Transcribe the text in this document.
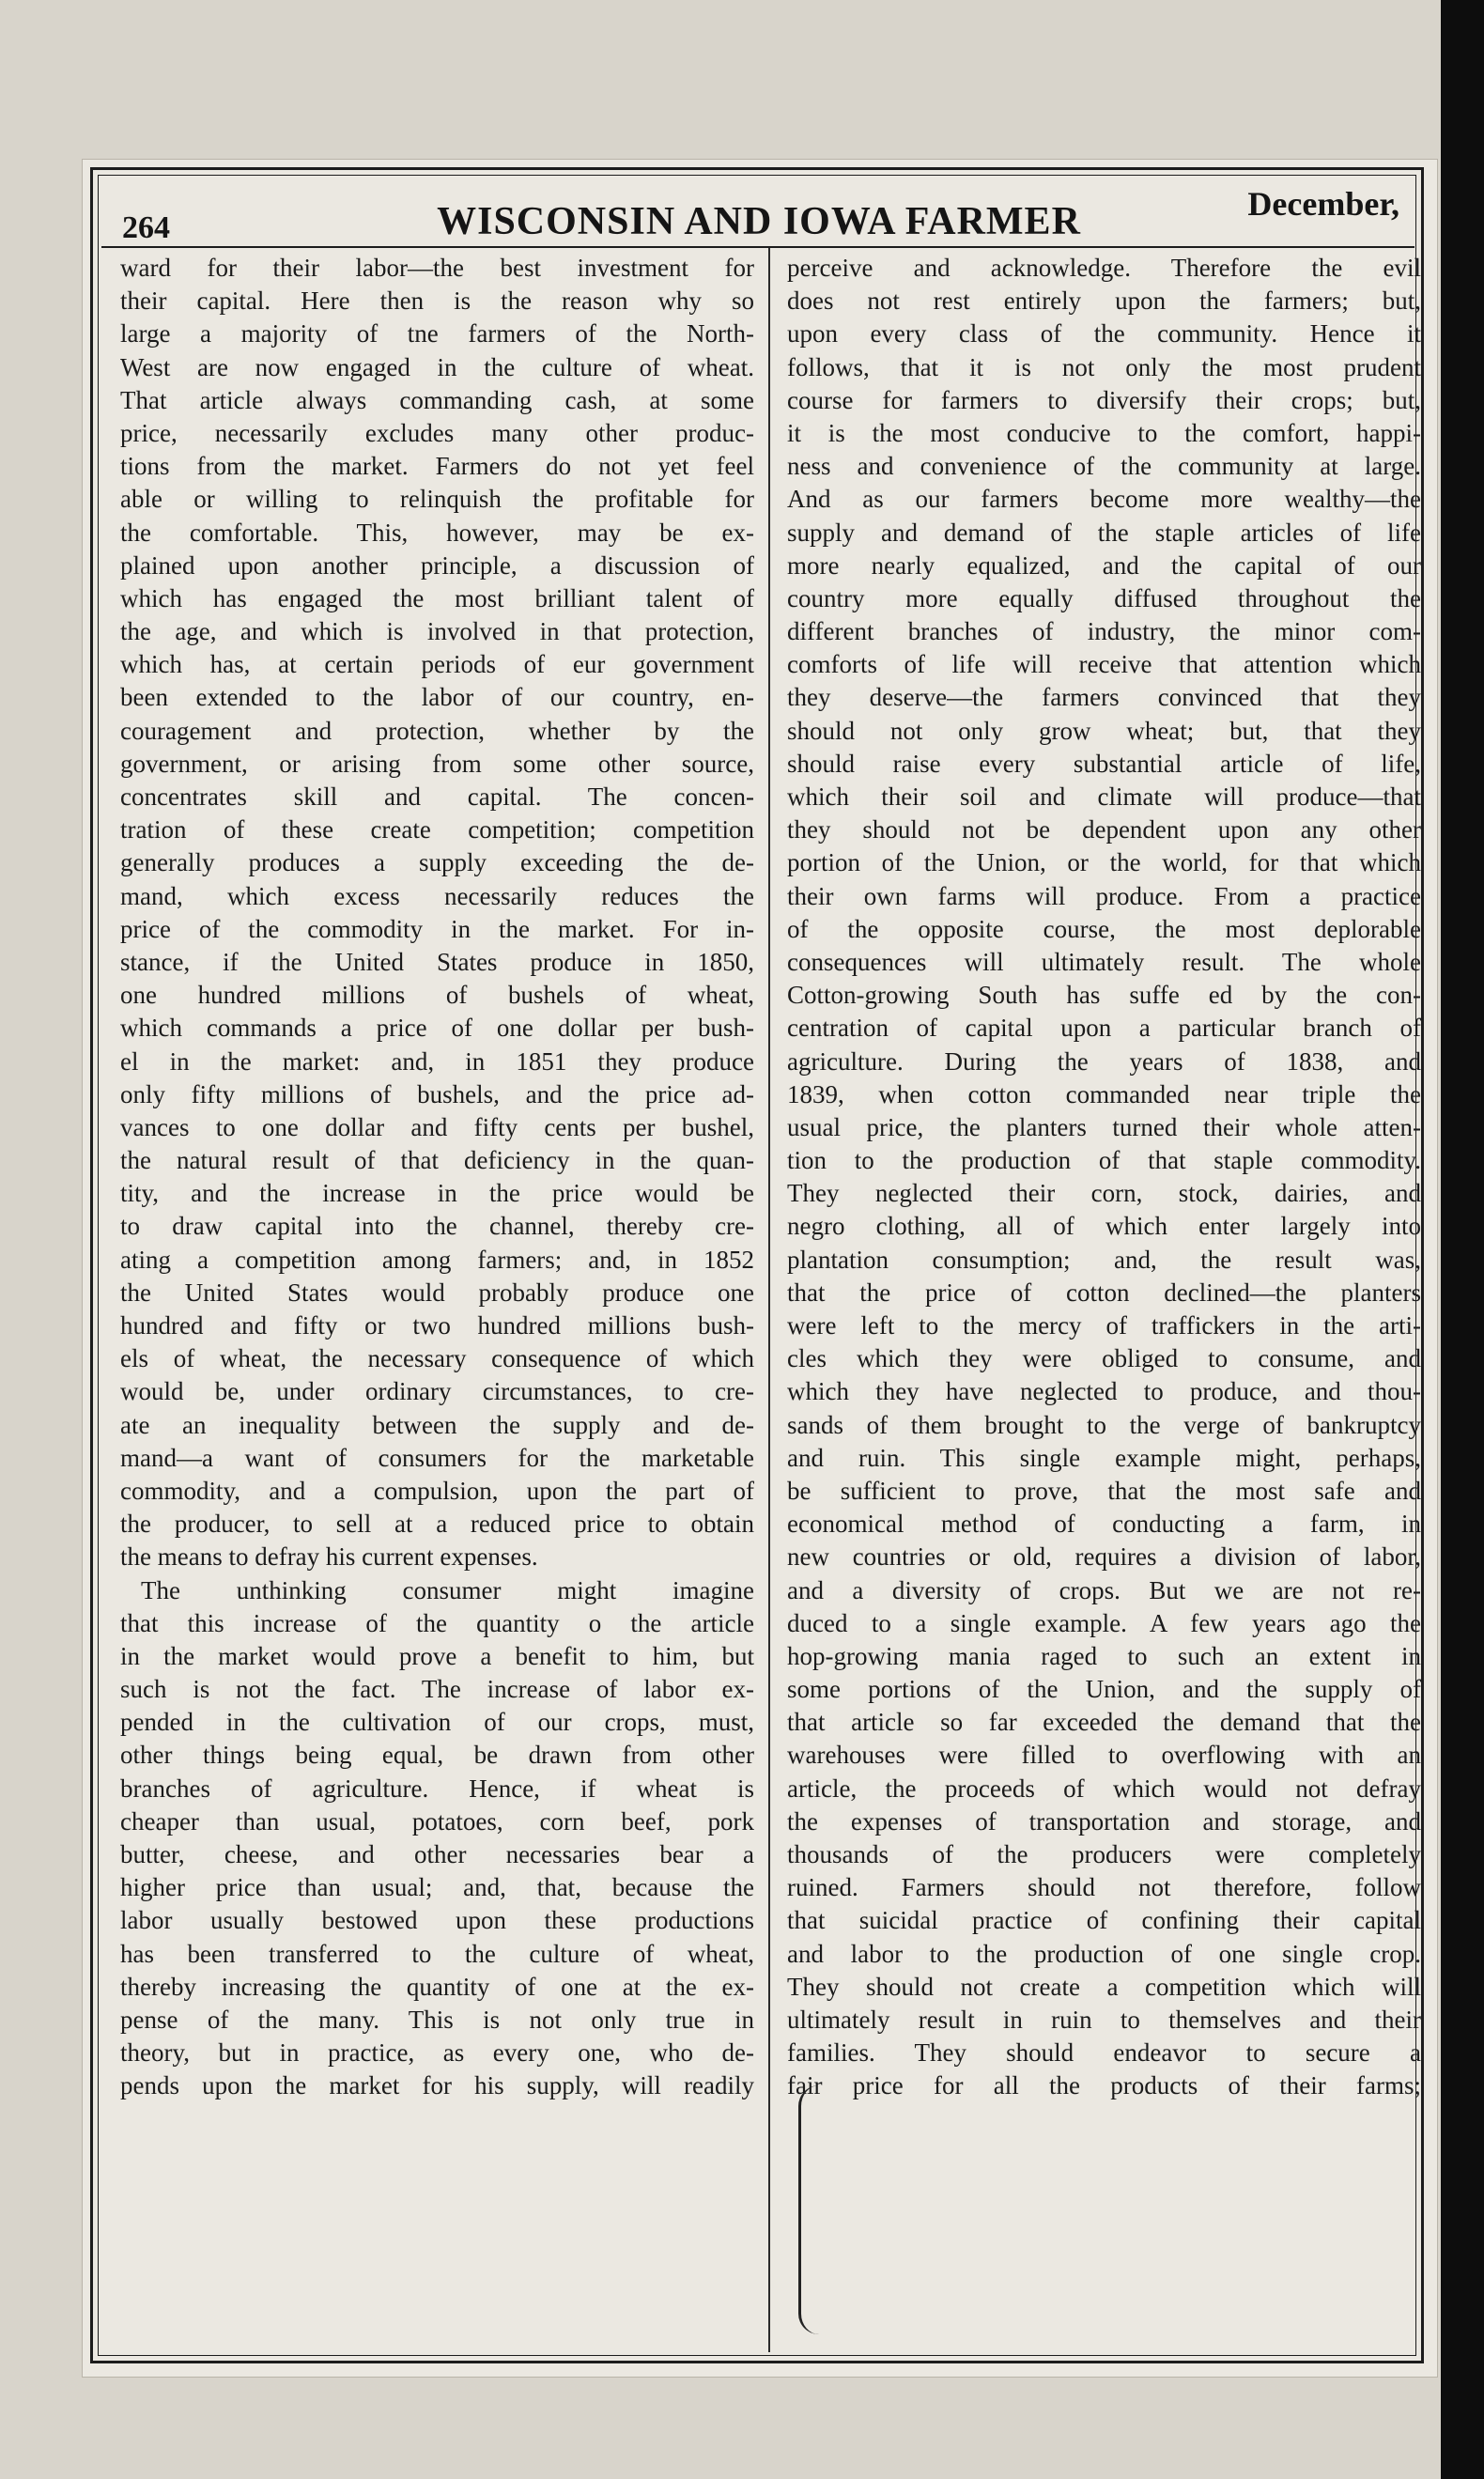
264	WISCONSIN AND IOWA FARMER	December,
ward for their labor—the best investment for
their capital. Here then is the reason why so
large a majority of tne farmers of the North-
West are now engaged in the culture of wheat.
That article always commanding cash, at some
price, necessarily excludes many other produc-
tions from the market. Farmers do not yet feel
able or willing to relinquish the profitable for
the comfortable. This, however, may be ex-
plained upon another principle, a discussion of
which has engaged the most brilliant talent of
the age, and which is involved in that protection,
which has, at certain periods of eur government
been extended to the labor of our country, en-
couragement and protection, whether by the
government, or arising from some other source,
concentrates skill and capital. The concen-
tration of these create competition; competition
generally produces a supply exceeding the de-
mand, which excess necessarily reduces the
price of the commodity in the market. For in-
stance, if the United States produce in 1850,
one hundred millions of bushels of wheat,
which commands a price of one dollar per bush-
el in the market: and, in 1851 they produce
only fifty millions of bushels, and the price ad-
vances to one dollar and fifty cents per bushel,
the natural result of that deficiency in the quan-
tity, and the increase in the price would be
to draw capital into the channel, thereby cre-
ating a competition among farmers; and, in 1852
the United States would probably produce one
hundred and fifty or two hundred millions bush-
els of wheat, the necessary consequence of which
would be, under ordinary circumstances, to cre-
ate an inequality between the supply and de-
mand—a want of consumers for the marketable
commodity, and a compulsion, upon the part of
the producer, to sell at a reduced price to obtain
the means to defray his current expenses.
The unthinking consumer might imagine
that this increase of the quantity o the article
in the market would prove a benefit to him, but
such is not the fact. The increase of labor ex-
pended in the cultivation of our crops, must,
other things being equal, be drawn from other
branches of agriculture. Hence, if wheat is
cheaper than usual, potatoes, corn beef, pork
butter, cheese, and other necessaries bear a
higher price than usual; and, that, because the
labor usually bestowed upon these productions
has been transferred to the culture of wheat,
thereby increasing the quantity of one at the ex-
pense of the many. This is not only true in
theory, but in practice, as every one, who de-
pends upon the market for his supply, will readily
perceive and acknowledge. Therefore the evil
does not rest entirely upon the farmers; but,
upon every class of the community. Hence it
follows, that it is not only the most prudent
course for farmers to diversify their crops; but,
it is the most conducive to the comfort, happi-
ness and convenience of the community at large.
And as our farmers become more wealthy—the
supply and demand of the staple articles of life
more nearly equalized, and the capital of our
country more equally diffused throughout the
different branches of industry, the minor com-
comforts of life will receive that attention which
they deserve—the farmers convinced that they
should not only grow wheat; but, that they
should raise every substantial article of life,
which their soil and climate will produce—that
they should not be dependent upon any other
portion of the Union, or the world, for that which
their own farms will produce. From a practice
of the opposite course, the most deplorable
consequences will ultimately result. The whole
Cotton-growing South has suffe ed by the con-
centration of capital upon a particular branch of
agriculture. During the years of 1838, and
1839, when cotton commanded near triple the
usual price, the planters turned their whole atten-
tion to the production of that staple commodity.
They neglected their corn, stock, dairies, and
negro clothing, all of which enter largely into
plantation consumption; and, the result was,
that the price of cotton declined—the planters
were left to the mercy of traffickers in the arti-
cles which they were obliged to consume, and
which they have neglected to produce, and thou-
sands of them brought to the verge of bankruptcy
and ruin. This single example might, perhaps,
be sufficient to prove, that the most safe and
economical method of conducting a farm, in
new countries or old, requires a division of labor,
and a diversity of crops. But we are not re-
duced to a single example. A few years ago the
hop-growing mania raged to such an extent in
some portions of the Union, and the supply of
that article so far exceeded the demand that the
warehouses were filled to overflowing with an
article, the proceeds of which would not defray
the expenses of transportation and storage, and
thousands of the producers were completely
ruined. Farmers should not therefore, follow
that suicidal practice of confining their capital
and labor to the production of one single crop.
They should not create a competition which will
ultimately result in ruin to themselves and their
families. They should endeavor to secure a
fair price for all the products of their farms;
